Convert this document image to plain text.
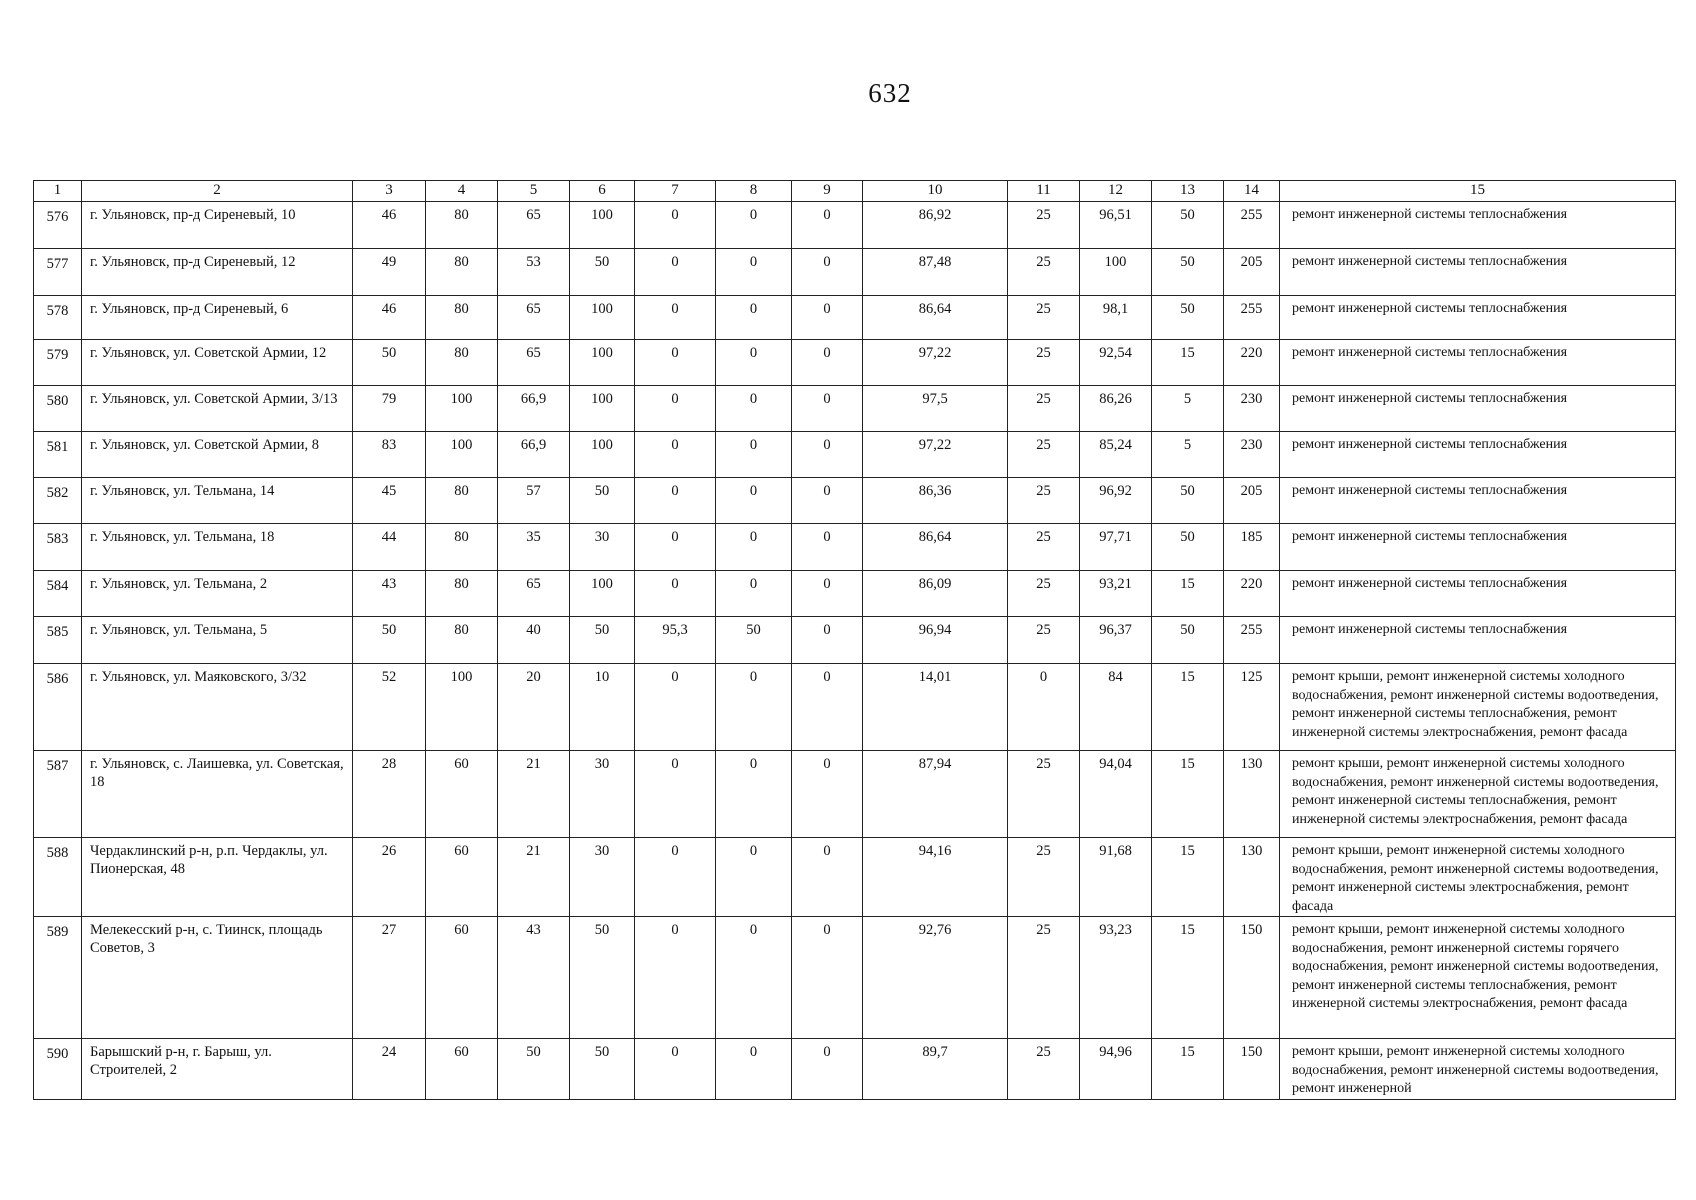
632
1	2	3	4	5	6	7	8	9	10	11	12	13	14	15
576	г. Ульяновск, пр-д Сиреневый, 10	46	80	65	100	0	0	0	86,92	25	96,51	50	255	ремонт инженерной системы теплоснабжения
577	г. Ульяновск, пр-д Сиреневый, 12	49	80	53	50	0	0	0	87,48	25	100	50	205	ремонт инженерной системы теплоснабжения
578	г. Ульяновск, пр-д Сиреневый, 6	46	80	65	100	0	0	0	86,64	25	98,1	50	255	ремонт инженерной системы теплоснабжения
579	г. Ульяновск, ул. Советской Армии, 12	50	80	65	100	0	0	0	97,22	25	92,54	15	220	ремонт инженерной системы теплоснабжения
580	г. Ульяновск, ул. Советской Армии, 3/13	79	100	66,9	100	0	0	0	97,5	25	86,26	5	230	ремонт инженерной системы теплоснабжения
581	г. Ульяновск, ул. Советской Армии, 8	83	100	66,9	100	0	0	0	97,22	25	85,24	5	230	ремонт инженерной системы теплоснабжения
582	г. Ульяновск, ул. Тельмана, 14	45	80	57	50	0	0	0	86,36	25	96,92	50	205	ремонт инженерной системы теплоснабжения
583	г. Ульяновск, ул. Тельмана, 18	44	80	35	30	0	0	0	86,64	25	97,71	50	185	ремонт инженерной системы теплоснабжения
584	г. Ульяновск, ул. Тельмана, 2	43	80	65	100	0	0	0	86,09	25	93,21	15	220	ремонт инженерной системы теплоснабжения
585	г. Ульяновск, ул. Тельмана, 5	50	80	40	50	95,3	50	0	96,94	25	96,37	50	255	ремонт инженерной системы теплоснабжения
586	г. Ульяновск, ул. Маяковского, 3/32	52	100	20	10	0	0	0	14,01	0	84	15	125	ремонт крыши, ремонт инженерной системы холодного водоснабжения, ремонт инженерной системы водоотведения, ремонт инженерной системы теплоснабжения, ремонт инженерной системы электроснабжения, ремонт фасада
587	г. Ульяновск, с. Лаишевка, ул. Советская, 18	28	60	21	30	0	0	0	87,94	25	94,04	15	130	ремонт крыши, ремонт инженерной системы холодного водоснабжения, ремонт инженерной системы водоотведения, ремонт инженерной системы теплоснабжения, ремонт инженерной системы электроснабжения, ремонт фасада
588	Чердаклинский р-н, р.п. Чердаклы, ул. Пионерская, 48	26	60	21	30	0	0	0	94,16	25	91,68	15	130	ремонт крыши, ремонт инженерной системы холодного водоснабжения, ремонт инженерной системы водоотведения, ремонт инженерной системы электроснабжения, ремонт фасада
589	Мелекесский р-н, с. Тиинск, площадь Советов, 3	27	60	43	50	0	0	0	92,76	25	93,23	15	150	ремонт крыши, ремонт инженерной системы холодного водоснабжения, ремонт инженерной системы горячего водоснабжения, ремонт инженерной системы водоотведения, ремонт инженерной системы теплоснабжения, ремонт инженерной системы электроснабжения, ремонт фасада
590	Барышский р-н, г. Барыш, ул. Строителей, 2	24	60	50	50	0	0	0	89,7	25	94,96	15	150	ремонт крыши, ремонт инженерной системы холодного водоснабжения, ремонт инженерной системы водоотведения, ремонт инженерной
